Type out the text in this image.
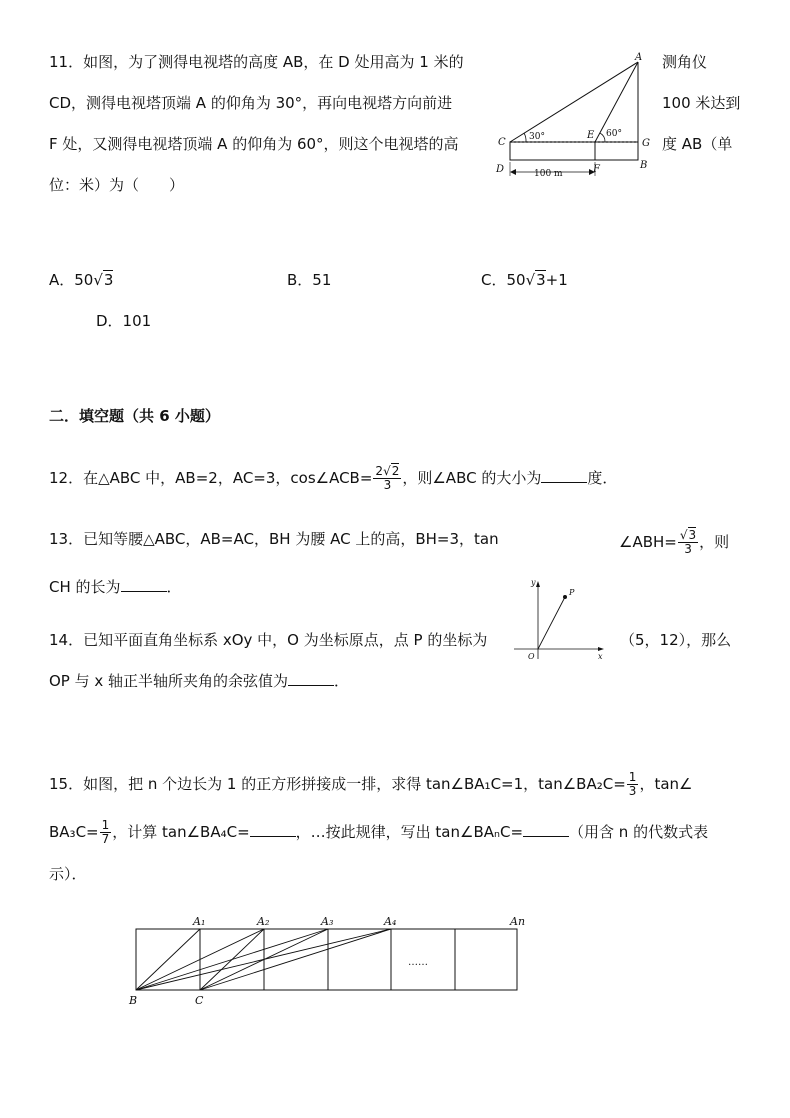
11．如图，为了测得电视塔的高度 AB，在 D 处用高为 1 米的	测角仪
CD，测得电视塔顶端 A 的仰角为 30°，再向电视塔方向前进	100 米达到
F 处，又测得电视塔顶端 A 的仰角为 60°，则这个电视塔的高	度 AB（单
位：米）为（　　）
A
C
E
G
D	F	B
30°	60°
100 m
A．50√3	B．51	C．50√3+1
D．101
二．填空题（共 6 小题）
12．在△ABC 中，AB=2，AC=3，cos∠ACB= $\frac{2√2}{3}$ ，则∠ABC 的大小为	度．
13．已知等腰△ABC，AB=AC，BH 为腰 AC 上的高，BH=3，tan	∠ABH= $\frac{√3}{3}$ ，则
CH 的长为	．
14．已知平面直角坐标系 xOy 中，O 为坐标原点，点 P 的坐标为
y
P
O	x
（5，12），那么
OP 与 x 轴正半轴所夹角的余弦值为	．
15．如图，把 n 个边长为 1 的正方形拼接成一排，求得 tan∠BA₁C=1，tan∠BA₂C= $\frac{1}{3}$ ，tan∠
$BA_3C= \frac{1}{7}$ ，计算 tan∠BA₄C=	，…按此规律，写出 tan∠BAₙC=	（用含 n 的代数式表
示）．
A₁	A₂	A₃	A₄	An
B	C
……
